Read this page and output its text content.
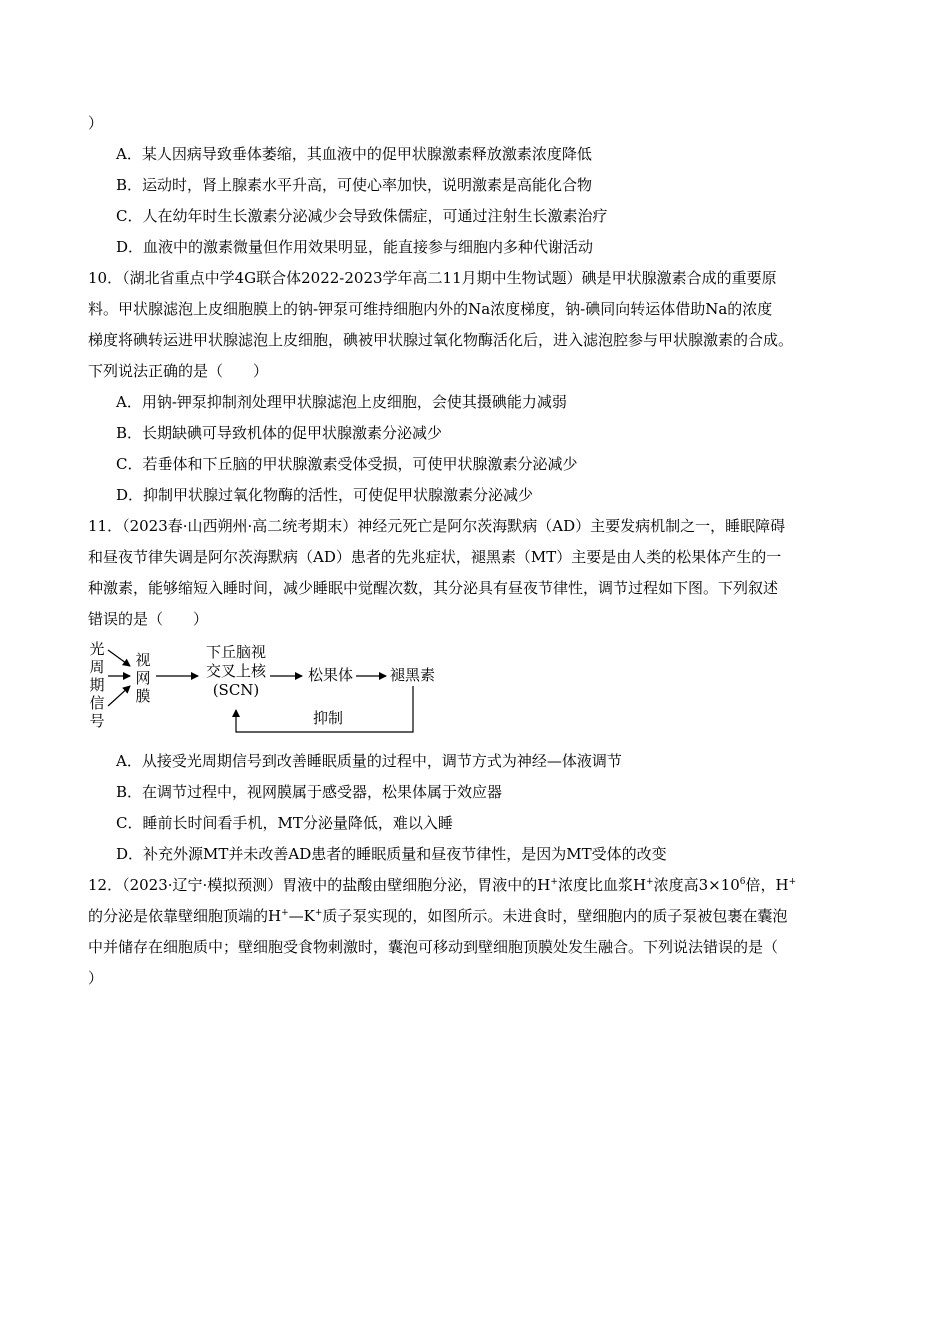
）
A．某人因病导致垂体萎缩，其血液中的促甲状腺激素释放激素浓度降低
B．运动时，肾上腺素水平升高，可使心率加快，说明激素是高能化合物
C．人在幼年时生长激素分泌减少会导致侏儒症，可通过注射生长激素治疗
D．血液中的激素微量但作用效果明显，能直接参与细胞内多种代谢活动
10．（湖北省重点中学4G联合体2022-2023学年高二11月期中生物试题）碘是甲状腺激素合成的重要原
料。甲状腺滤泡上皮细胞膜上的钠-钾泵可维持细胞内外的Na浓度梯度，钠-碘同向转运体借助Na的浓度
梯度将碘转运进甲状腺滤泡上皮细胞，碘被甲状腺过氧化物酶活化后，进入滤泡腔参与甲状腺激素的合成。
下列说法正确的是（　　）
A．用钠-钾泵抑制剂处理甲状腺滤泡上皮细胞，会使其摄碘能力减弱
B．长期缺碘可导致机体的促甲状腺激素分泌减少
C．若垂体和下丘脑的甲状腺激素受体受损，可使甲状腺激素分泌减少
D．抑制甲状腺过氧化物酶的活性，可使促甲状腺激素分泌减少
11．（2023春·山西朔州·高二统考期末）神经元死亡是阿尔茨海默病（AD）主要发病机制之一，睡眠障碍
和昼夜节律失调是阿尔茨海默病（AD）患者的先兆症状，褪黑素（MT）主要是由人类的松果体产生的一
种激素，能够缩短入睡时间，减少睡眠中觉醒次数，其分泌具有昼夜节律性，调节过程如下图。下列叙述
错误的是（　　）
光
周
期
信
号
视
网
膜
下丘脑视
交叉上核
(SCN)
松果体 褪黑素
抑制
A．从接受光周期信号到改善睡眠质量的过程中，调节方式为神经—体液调节
B．在调节过程中，视网膜属于感受器，松果体属于效应器
C．睡前长时间看手机，MT分泌量降低，难以入睡
D．补充外源MT并未改善AD患者的睡眠质量和昼夜节律性，是因为MT受体的改变
12．（2023·辽宁·模拟预测）胃液中的盐酸由壁细胞分泌，胃液中的H+浓度比血浆H+浓度高$3\times 10^6$倍，H+
的分泌是依靠壁细胞顶端的H+—K+质子泵实现的，如图所示。未进食时，壁细胞内的质子泵被包裹在囊泡
中并储存在细胞质中；壁细胞受食物刺激时，囊泡可移动到壁细胞顶膜处发生融合。下列说法错误的是（
）
